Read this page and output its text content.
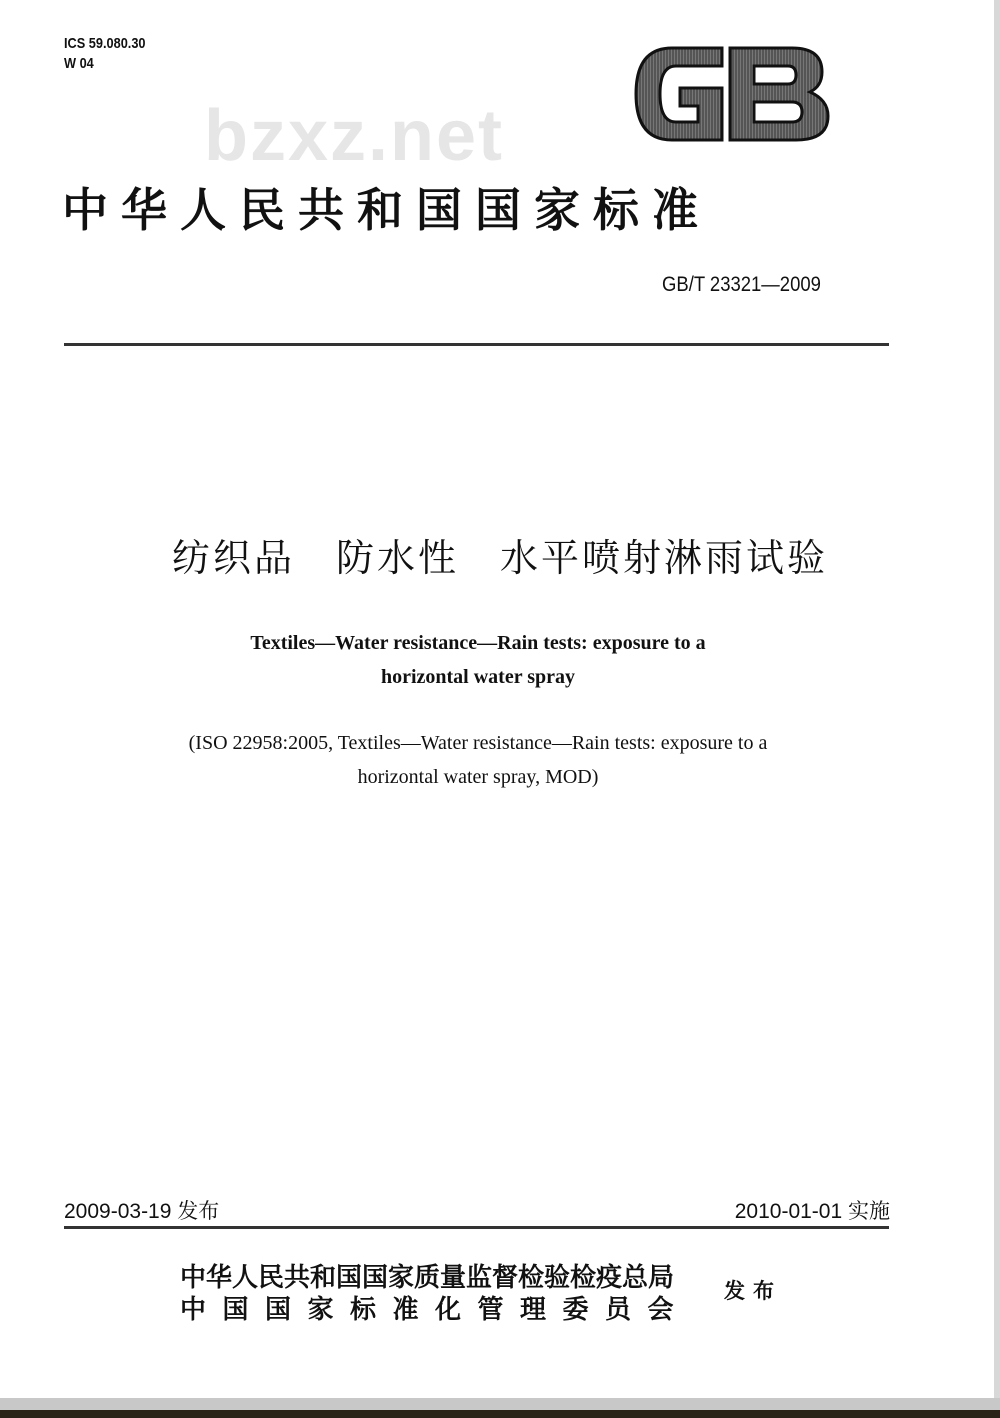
ICS 59.080.30
W 04
bzxz.net
中华人民共和国国家标准
GB/T 23321—2009
纺织品　防水性　水平喷射淋雨试验
Textiles—Water resistance—Rain tests: exposure to a
horizontal water spray
(ISO 22958:2005, Textiles—Water resistance—Rain tests: exposure to a
horizontal water spray, MOD)
2009-03-19 发布	2010-01-01 实施
中华人民共和国国家质量监督检验检疫总局
中国国家标准化管理委员会
发布
